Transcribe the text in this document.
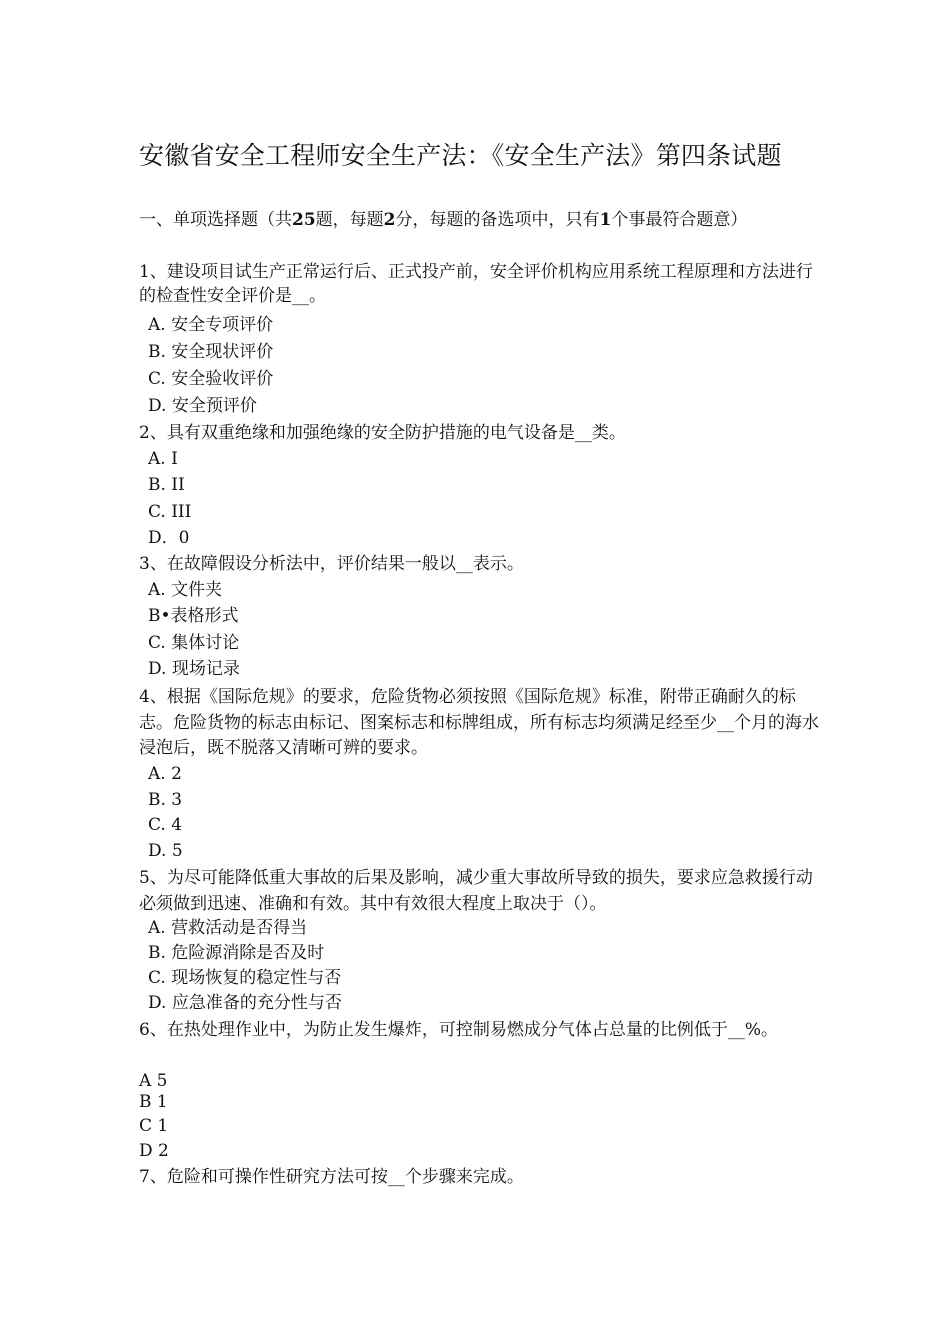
安徽省安全工程师安全生产法：《安全生产法》第四条试题
一、单项选择题（共25题，每题2分，每题的备选项中，只有1个事最符合题意）
1、建设项目试生产正常运行后、正式投产前，安全评价机构应用系统工程原理和方法进行的检查性安全评价是__。
A. 安全专项评价
B. 安全现状评价
C. 安全验收评价
D. 安全预评价
2、具有双重绝缘和加强绝缘的安全防护措施的电气设备是__类。
A. I
B. II
C. III
D．0
3、在故障假设分析法中，评价结果一般以__表示。
A. 文件夹
B•表格形式
C. 集体讨论
D. 现场记录
4、根据《国际危规》的要求，危险货物必须按照《国际危规》标准，附带正确耐久的标志。危险货物的标志由标记、图案标志和标牌组成，所有标志均须满足经至少__个月的海水浸泡后，既不脱落又清晰可辨的要求。
A. 2
B. 3
C. 4
D. 5
5、为尽可能降低重大事故的后果及影响，减少重大事故所导致的损失，要求应急救援行动必须做到迅速、准确和有效。其中有效很大程度上取决于（）。
A. 营救活动是否得当
B. 危险源消除是否及时
C. 现场恢复的稳定性与否
D. 应急准备的充分性与否
6、在热处理作业中，为防止发生爆炸，可控制易燃成分气体占总量的比例低于__%。
A 5
B 1
C 1
D 2
7、危险和可操作性研究方法可按__个步骤来完成。
